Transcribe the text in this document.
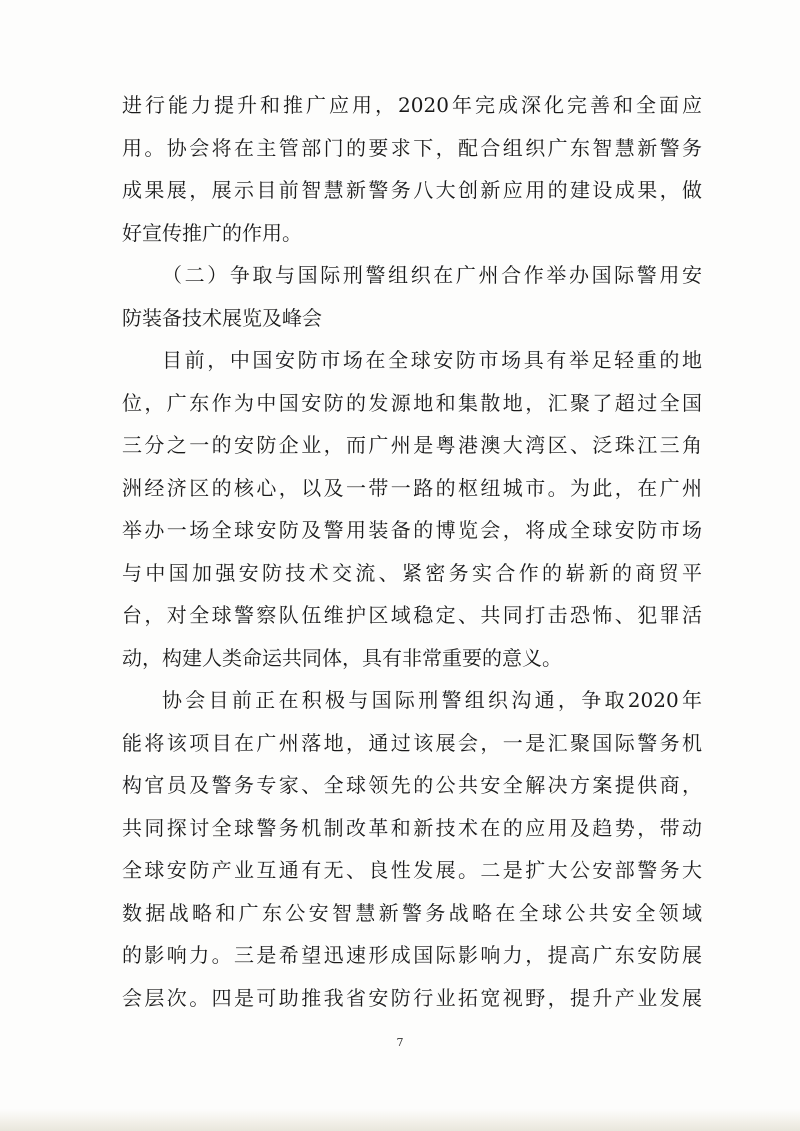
进行能力提升和推广应用，2020年完成深化完善和全面应
用。协会将在主管部门的要求下，配合组织广东智慧新警务
成果展，展示目前智慧新警务八大创新应用的建设成果，做
好宣传推广的作用。
（二）争取与国际刑警组织在广州合作举办国际警用安
防装备技术展览及峰会
目前，中国安防市场在全球安防市场具有举足轻重的地
位，广东作为中国安防的发源地和集散地，汇聚了超过全国
三分之一的安防企业，而广州是粤港澳大湾区、泛珠江三角
洲经济区的核心，以及一带一路的枢纽城市。为此，在广州
举办一场全球安防及警用装备的博览会，将成全球安防市场
与中国加强安防技术交流、紧密务实合作的崭新的商贸平
台，对全球警察队伍维护区域稳定、共同打击恐怖、犯罪活
动，构建人类命运共同体，具有非常重要的意义。
协会目前正在积极与国际刑警组织沟通，争取2020年
能将该项目在广州落地，通过该展会，一是汇聚国际警务机
构官员及警务专家、全球领先的公共安全解决方案提供商，
共同探讨全球警务机制改革和新技术在的应用及趋势，带动
全球安防产业互通有无、良性发展。二是扩大公安部警务大
数据战略和广东公安智慧新警务战略在全球公共安全领域
的影响力。三是希望迅速形成国际影响力，提高广东安防展
会层次。四是可助推我省安防行业拓宽视野，提升产业发展
7
